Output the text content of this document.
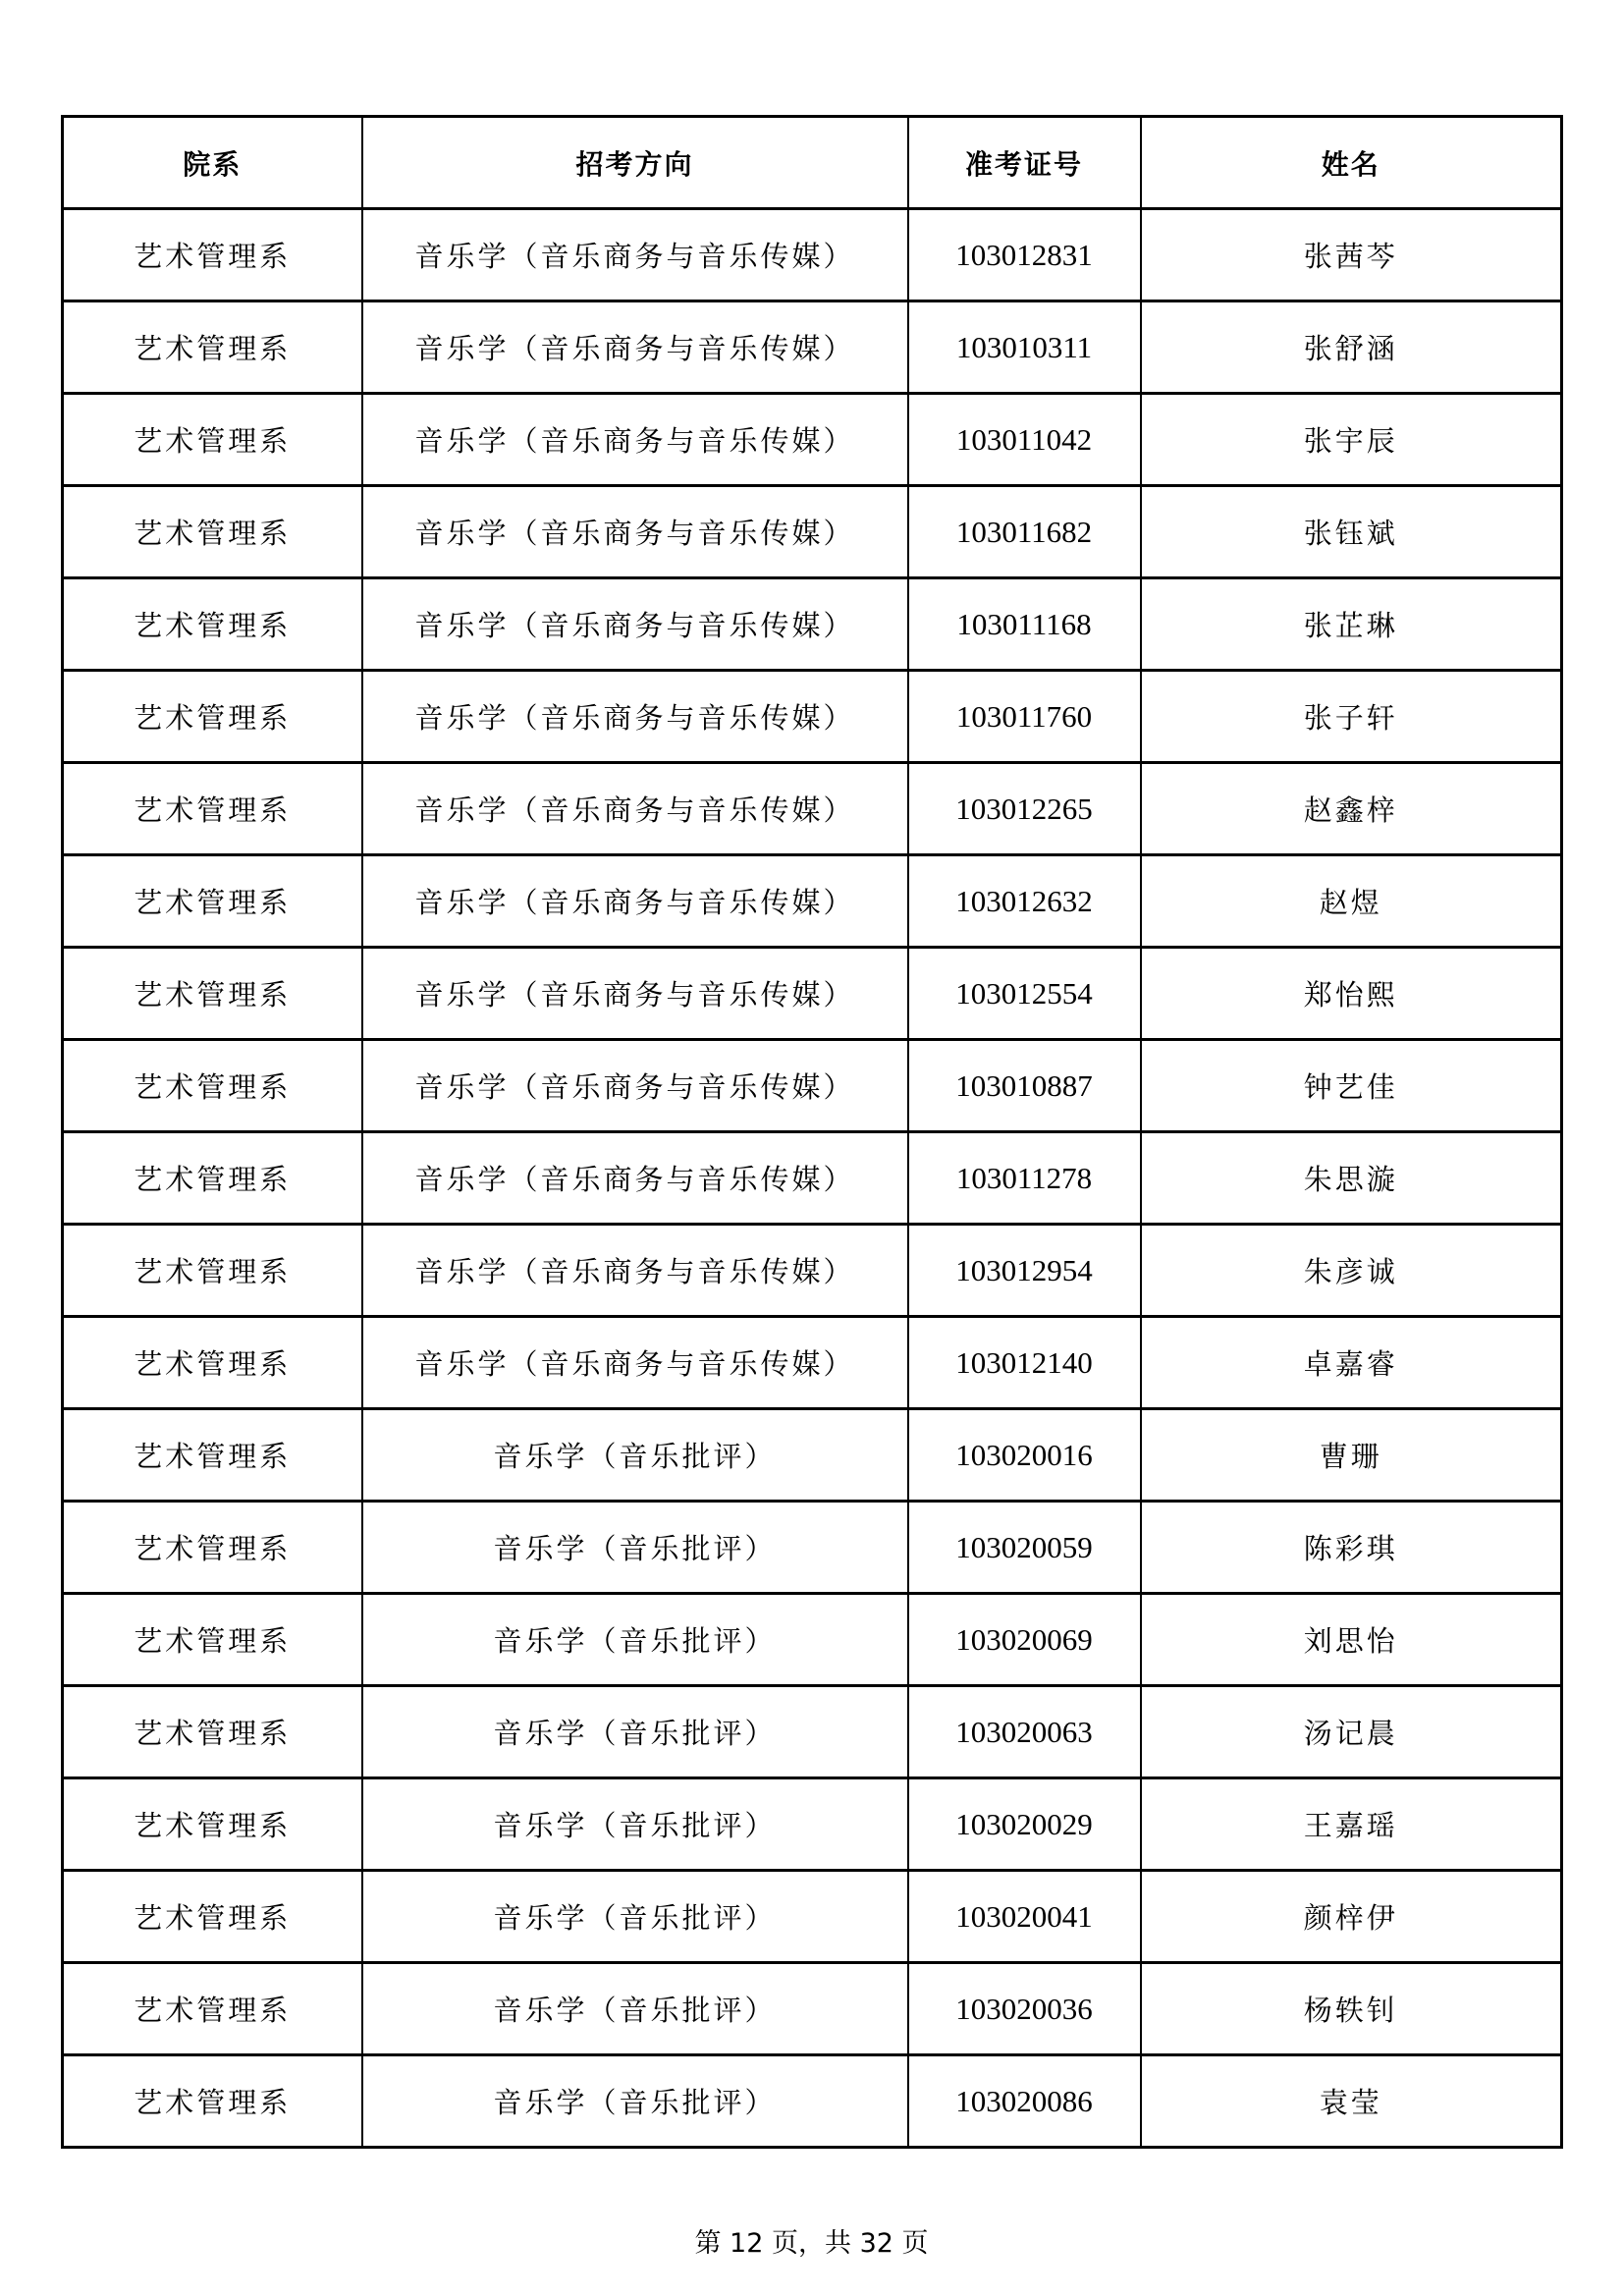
院系	招考方向	准考证号	姓名
艺术管理系	音乐学（音乐商务与音乐传媒）	103012831	张茜芩
艺术管理系	音乐学（音乐商务与音乐传媒）	103010311	张舒涵
艺术管理系	音乐学（音乐商务与音乐传媒）	103011042	张宇辰
艺术管理系	音乐学（音乐商务与音乐传媒）	103011682	张钰斌
艺术管理系	音乐学（音乐商务与音乐传媒）	103011168	张芷琳
艺术管理系	音乐学（音乐商务与音乐传媒）	103011760	张子轩
艺术管理系	音乐学（音乐商务与音乐传媒）	103012265	赵鑫梓
艺术管理系	音乐学（音乐商务与音乐传媒）	103012632	赵煜
艺术管理系	音乐学（音乐商务与音乐传媒）	103012554	郑怡熙
艺术管理系	音乐学（音乐商务与音乐传媒）	103010887	钟艺佳
艺术管理系	音乐学（音乐商务与音乐传媒）	103011278	朱思漩
艺术管理系	音乐学（音乐商务与音乐传媒）	103012954	朱彦诚
艺术管理系	音乐学（音乐商务与音乐传媒）	103012140	卓嘉睿
艺术管理系	音乐学（音乐批评）	103020016	曹珊
艺术管理系	音乐学（音乐批评）	103020059	陈彩琪
艺术管理系	音乐学（音乐批评）	103020069	刘思怡
艺术管理系	音乐学（音乐批评）	103020063	汤记晨
艺术管理系	音乐学（音乐批评）	103020029	王嘉瑶
艺术管理系	音乐学（音乐批评）	103020041	颜梓伊
艺术管理系	音乐学（音乐批评）	103020036	杨轶钊
艺术管理系	音乐学（音乐批评）	103020086	袁莹
第 12 页，共 32 页
